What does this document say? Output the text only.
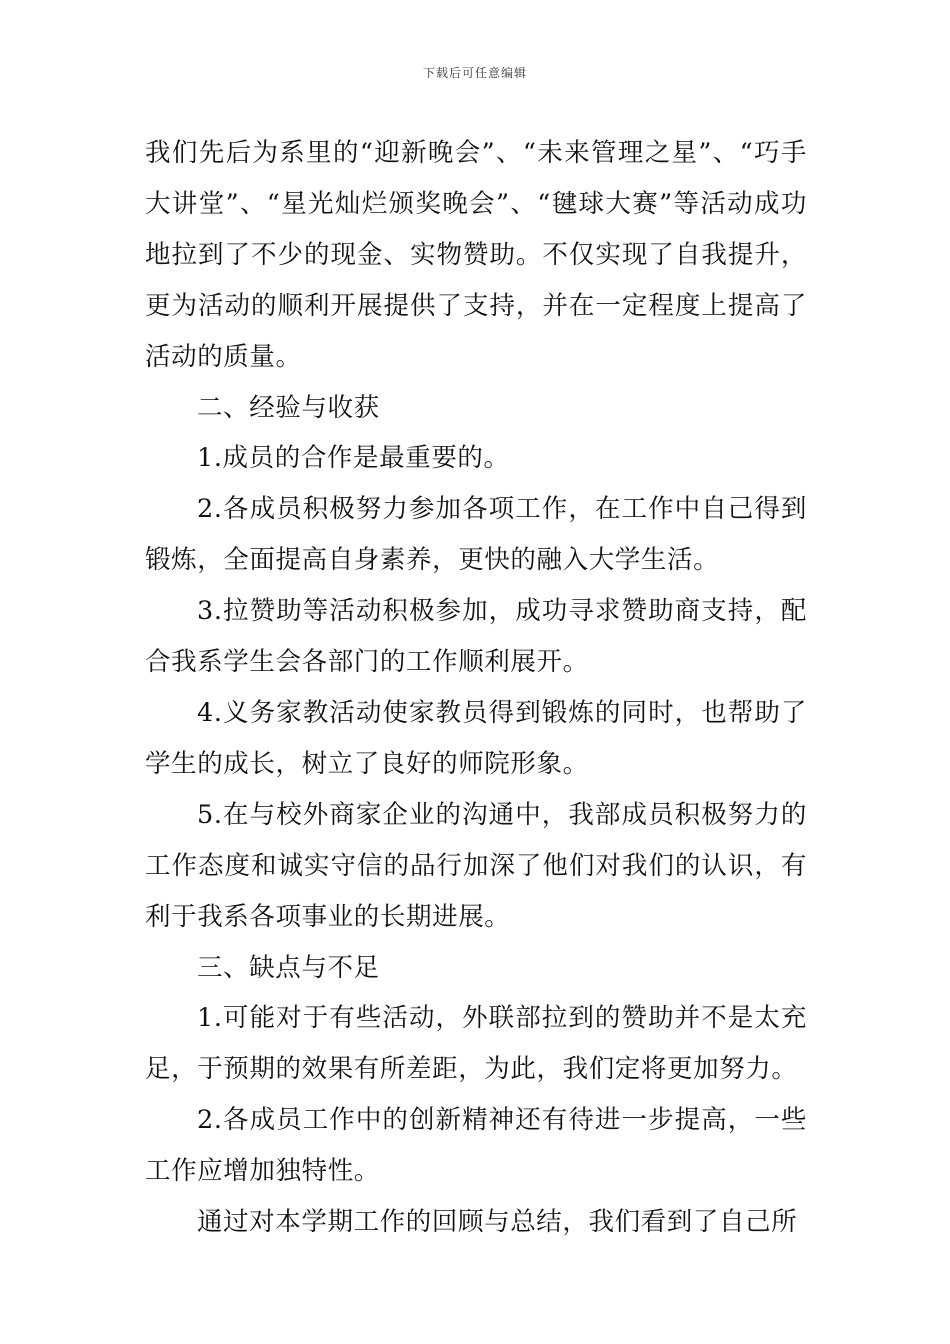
下载后可任意编辑

我们先后为系里的“迎新晚会”、“未来管理之星”、“巧手大讲堂”、“星光灿烂颁奖晚会”、“毽球大赛”等活动成功地拉到了不少的现金、实物赞助。不仅实现了自我提升，更为活动的顺利开展提供了支持，并在一定程度上提高了活动的质量。

二、经验与收获

1.成员的合作是最重要的。

2.各成员积极努力参加各项工作，在工作中自己得到锻炼，全面提高自身素养，更快的融入大学生活。

3.拉赞助等活动积极参加，成功寻求赞助商支持，配合我系学生会各部门的工作顺利展开。

4.义务家教活动使家教员得到锻炼的同时，也帮助了学生的成长，树立了良好的师院形象。

5.在与校外商家企业的沟通中，我部成员积极努力的工作态度和诚实守信的品行加深了他们对我们的认识，有利于我系各项事业的长期进展。

三、缺点与不足

1.可能对于有些活动，外联部拉到的赞助并不是太充足，于预期的效果有所差距，为此，我们定将更加努力。

2.各成员工作中的创新精神还有待进一步提高，一些工作应增加独特性。

通过对本学期工作的回顾与总结，我们看到了自己所
